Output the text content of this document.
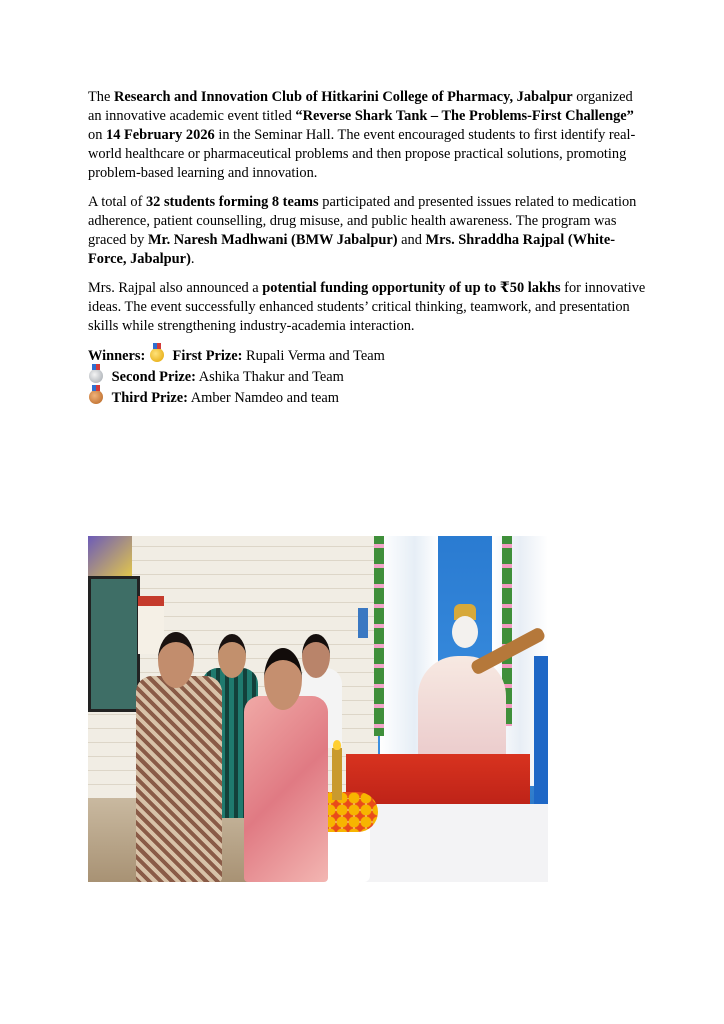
The Research and Innovation Club of Hitkarini College of Pharmacy, Jabalpur organized an innovative academic event titled “Reverse Shark Tank – The Problems-First Challenge” on 14 February 2026 in the Seminar Hall. The event encouraged students to first identify real-world healthcare or pharmaceutical problems and then propose practical solutions, promoting problem-based learning and innovation.

A total of 32 students forming 8 teams participated and presented issues related to medication adherence, patient counselling, drug misuse, and public health awareness. The program was graced by Mr. Naresh Madhwani (BMW Jabalpur) and Mrs. Shraddha Rajpal (White-Force, Jabalpur).

Mrs. Rajpal also announced a potential funding opportunity of up to ₹50 lakhs for innovative ideas. The event successfully enhanced students’ critical thinking, teamwork, and presentation skills while strengthening industry-academia interaction.

Winners: First Prize: Rupali Verma and Team

Second Prize: Ashika Thakur and Team

Third Prize: Amber Namdeo and team
